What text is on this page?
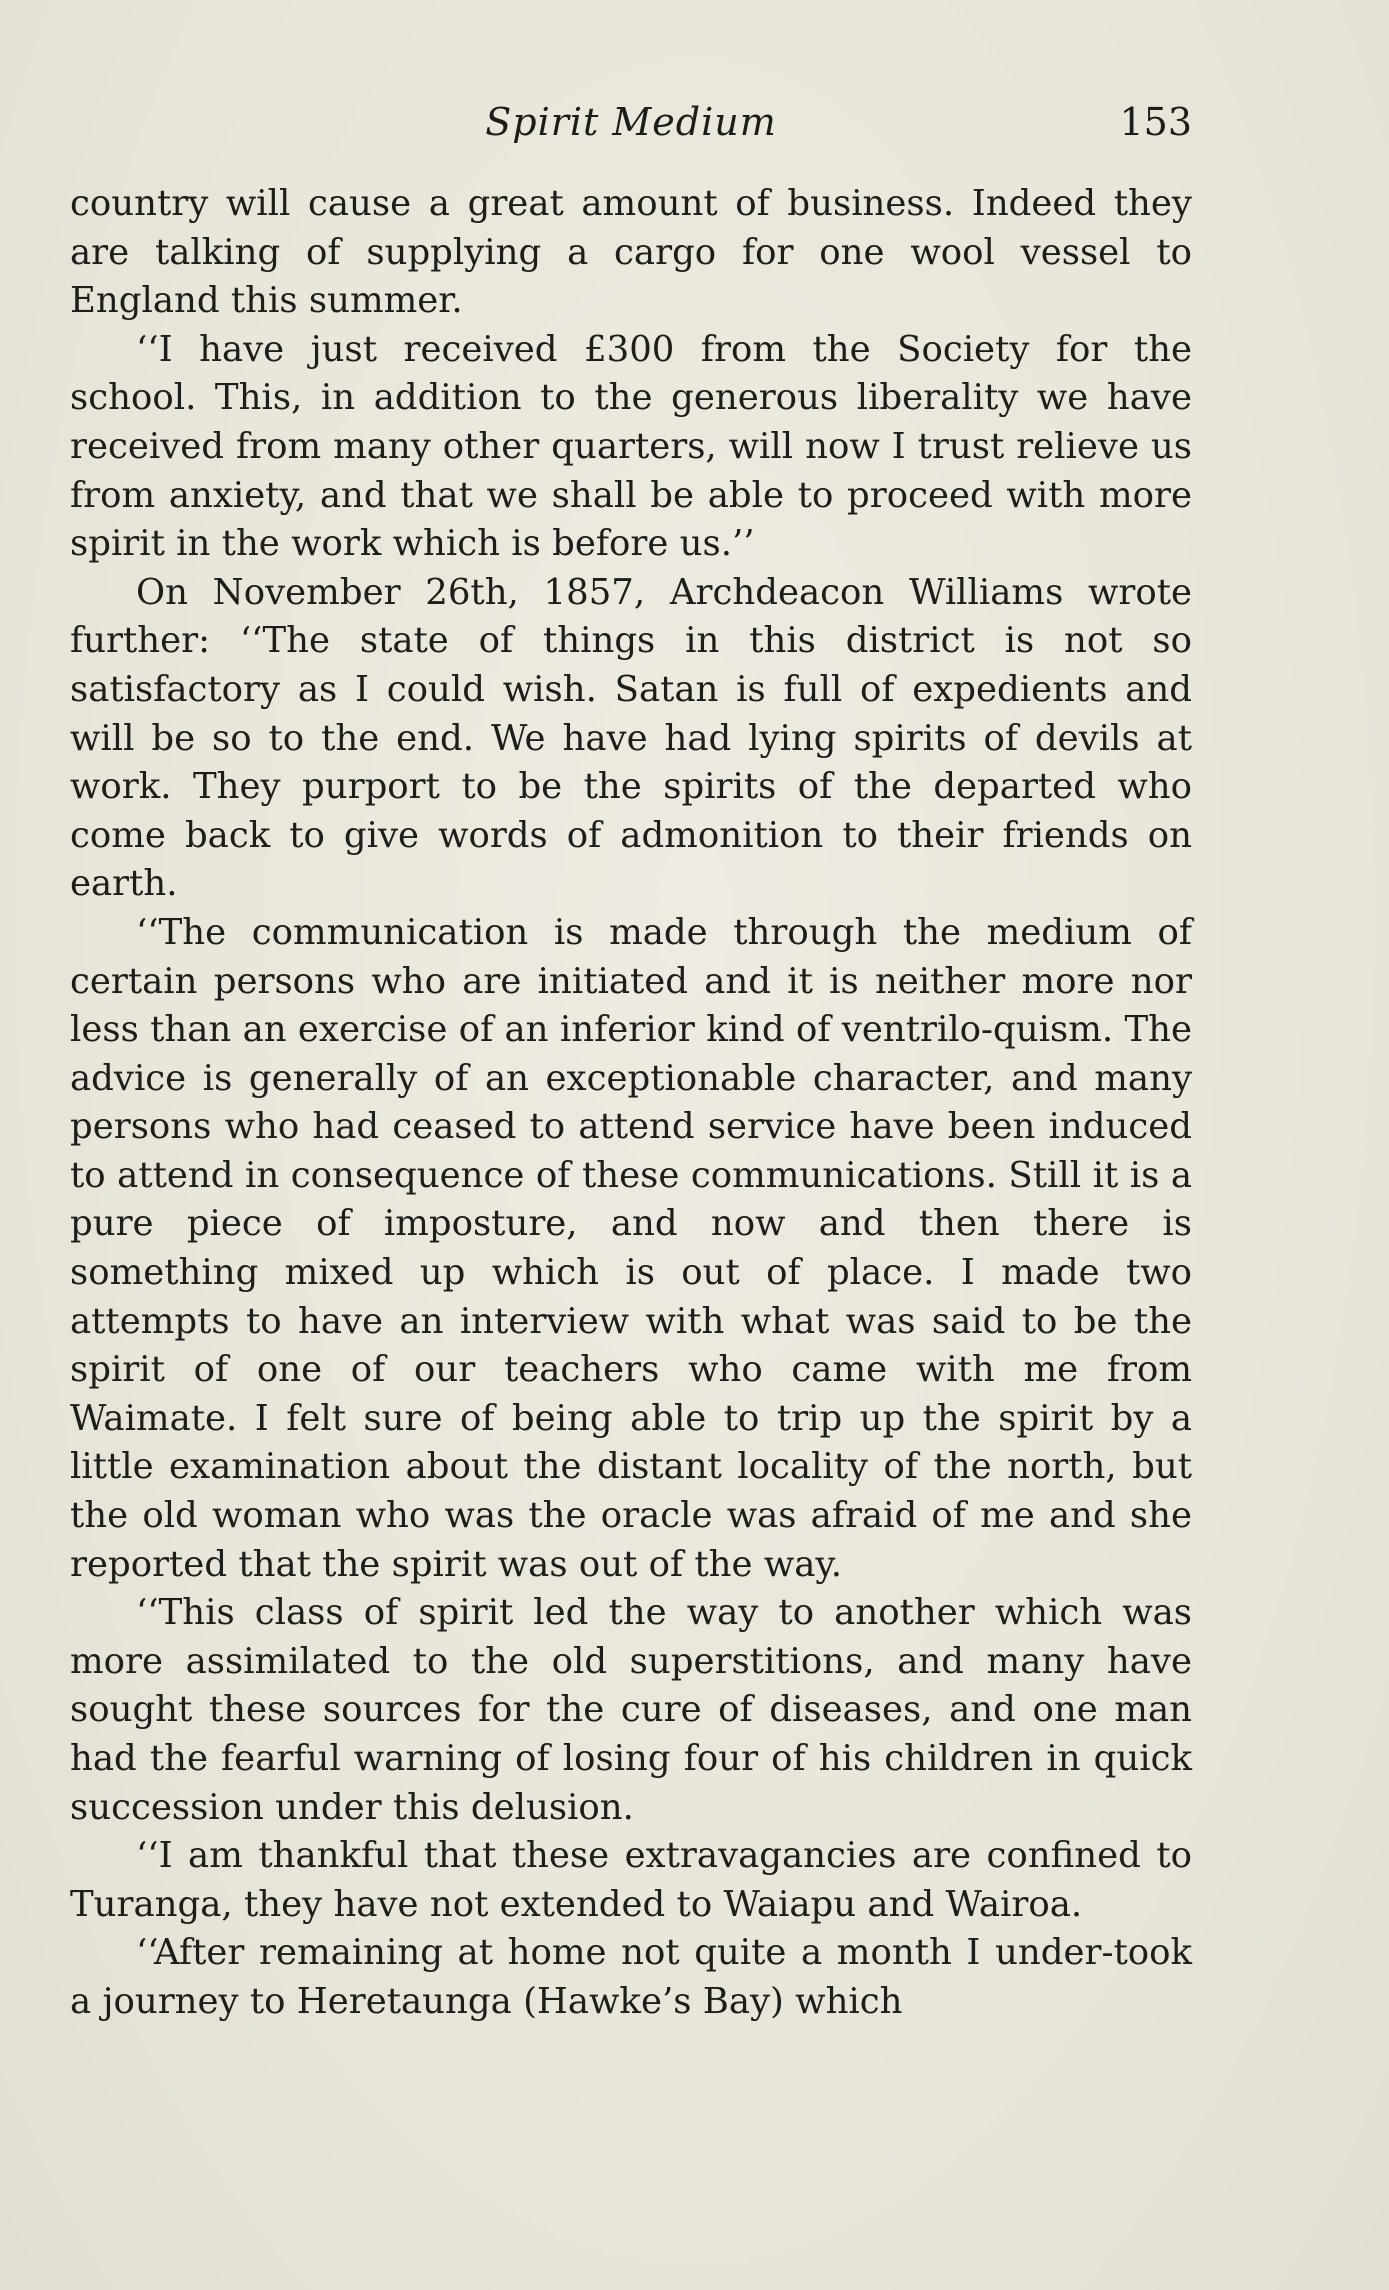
Spirit Medium	153

country will cause a great amount of business. Indeed they are talking of supplying a cargo for one wool vessel to England this summer.

‘‘I have just received £300 from the Society for the school. This, in addition to the generous liberality we have received from many other quarters, will now I trust relieve us from anxiety, and that we shall be able to proceed with more spirit in the work which is before us.’’

On November 26th, 1857, Archdeacon Williams wrote further: ‘‘The state of things in this district is not so satisfactory as I could wish. Satan is full of expedients and will be so to the end. We have had lying spirits of devils at work. They purport to be the spirits of the departed who come back to give words of admonition to their friends on earth.

‘‘The communication is made through the medium of certain persons who are initiated and it is neither more nor less than an exercise of an inferior kind of ventrilo-quism. The advice is generally of an exceptionable character, and many persons who had ceased to attend service have been induced to attend in consequence of these communications. Still it is a pure piece of imposture, and now and then there is something mixed up which is out of place. I made two attempts to have an interview with what was said to be the spirit of one of our teachers who came with me from Waimate. I felt sure of being able to trip up the spirit by a little examination about the distant locality of the north, but the old woman who was the oracle was afraid of me and she reported that the spirit was out of the way.

‘‘This class of spirit led the way to another which was more assimilated to the old superstitions, and many have sought these sources for the cure of diseases, and one man had the fearful warning of losing four of his children in quick succession under this delusion.

‘‘I am thankful that these extravagancies are confined to Turanga, they have not extended to Waiapu and Wairoa.

‘‘After remaining at home not quite a month I under-took a journey to Heretaunga (Hawke’s Bay) which
